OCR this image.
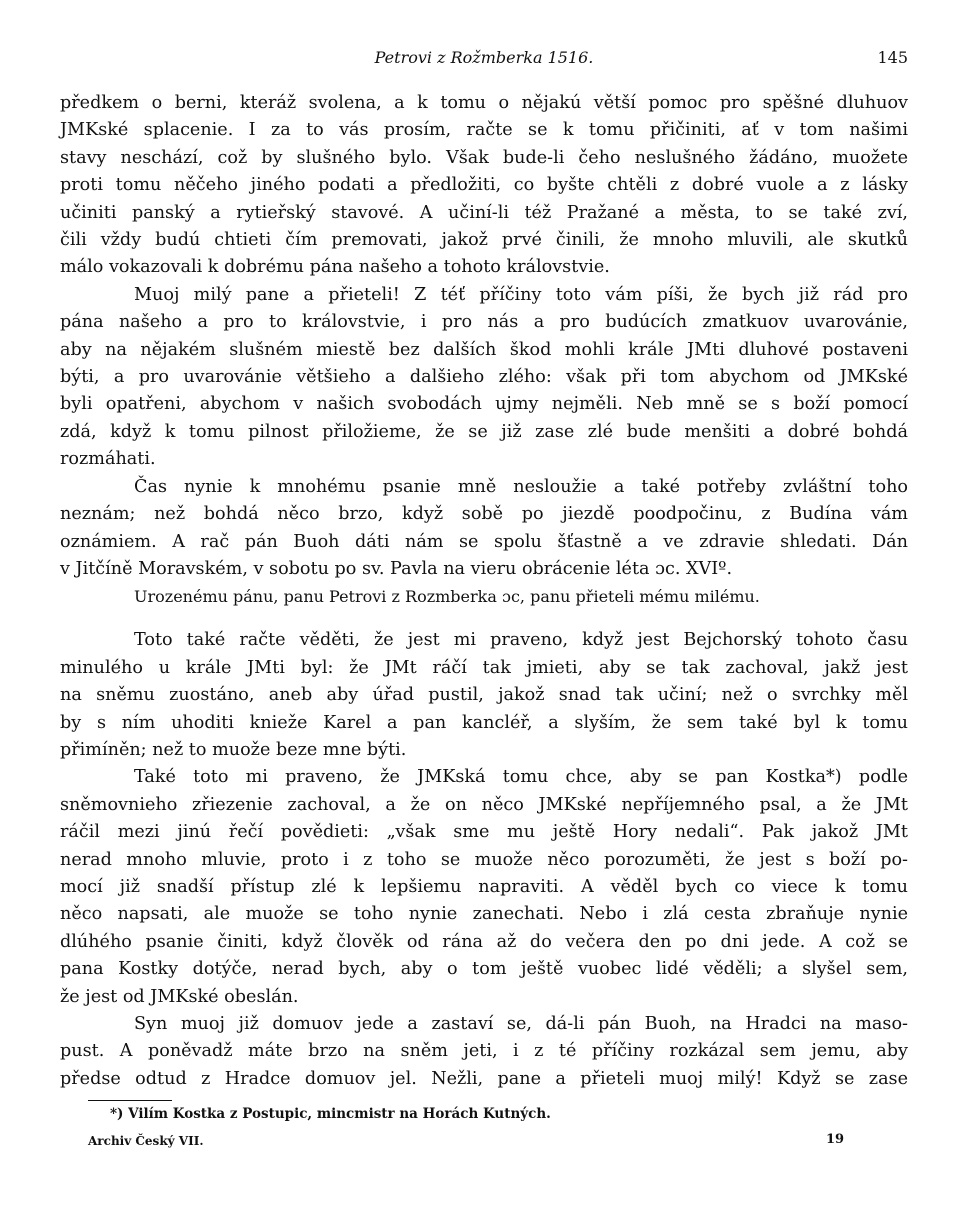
Petrovi z Rožmberka 1516.	145

předkem o berni, kteráž svolena, a k tomu o nějakú větší pomoc pro spěšné dluhuov
JMKské splacenie. I za to vás prosím, račte se k tomu přičiniti, ať v tom našimi
stavy neschází, což by slušného bylo. Však bude-li čeho neslušného žádáno, muožete
proti tomu něčeho jiného podati a předložiti, co byšte chtěli z dobré vuole a z lásky
učiniti panský a rytieřský stavové. A učiní-li též Pražané a města, to se také zví,
čili vždy budú chtieti čím premovati, jakož prvé činili, že mnoho mluvili, ale skutků
málo vokazovali k dobrému pána našeho a tohoto královstvie.

Muoj milý pane a přieteli! Z téť příčiny toto vám píši, že bych již rád pro
pána našeho a pro to královstvie, i pro nás a pro budúcích zmatkuov uvarovánie,
aby na nějakém slušném miestě bez dalších škod mohli krále JMti dluhové postaveni
býti, a pro uvarovánie většieho a dalšieho zlého: však při tom abychom od JMKské
byli opatřeni, abychom v našich svobodách ujmy nejměli. Neb mně se s boží pomocí
zdá, když k tomu pilnost přiložieme, že se již zase zlé bude menšiti a dobré bohdá
rozmáhati.

Čas nynie k mnohému psanie mně nesloužie a také potřeby zvláštní toho
neznám; než bohdá něco brzo, když sobě po jiezdě poodpočinu, z Budína vám
oznámiem. A rač pán Buoh dáti nám se spolu šťastně a ve zdravie shledati. Dán
v Jitčíně Moravském, v sobotu po sv. Pavla na vieru obrácenie léta ɔc. XVIº.

Urozenému pánu, panu Petrovi z Rozmberka ɔc, panu přieteli mému milému.

Toto také račte věděti, že jest mi praveno, když jest Bejchorský tohoto času
minulého u krále JMti byl: že JMt ráčí tak jmieti, aby se tak zachoval, jakž jest
na sněmu zuostáno, aneb aby úřad pustil, jakož snad tak učiní; než o svrchky měl
by s ním uhoditi knieže Karel a pan kancléř, a slyším, že sem také byl k tomu
přimíněn; než to muože beze mne býti.

Také toto mi praveno, že JMKská tomu chce, aby se pan Kostka*) podle
sněmovnieho zřiezenie zachoval, a že on něco JMKské nepříjemného psal, a že JMt
ráčil mezi jinú řečí povědieti: „však sme mu ještě Hory nedali“. Pak jakož JMt
nerad mnoho mluvie, proto i z toho se muože něco porozuměti, že jest s boží po-
mocí již snadší přístup zlé k lepšiemu napraviti. A věděl bych co viece k tomu
něco napsati, ale muože se toho nynie zanechati. Nebo i zlá cesta zbraňuje nynie
dlúhého psanie činiti, když člověk od rána až do večera den po dni jede. A což se
pana Kostky dotýče, nerad bych, aby o tom ještě vuobec lidé věděli; a slyšel sem,
že jest od JMKské obeslán.

Syn muoj již domuov jede a zastaví se, dá-li pán Buoh, na Hradci na maso-
pust. A poněvadž máte brzo na sněm jeti, i z té příčiny rozkázal sem jemu, aby
předse odtud z Hradce domuov jel. Nežli, pane a přieteli muoj milý! Když se zase

*) Vilím Kostka z Postupic, mincmistr na Horách Kutných.
Archiv Český VII.	19
